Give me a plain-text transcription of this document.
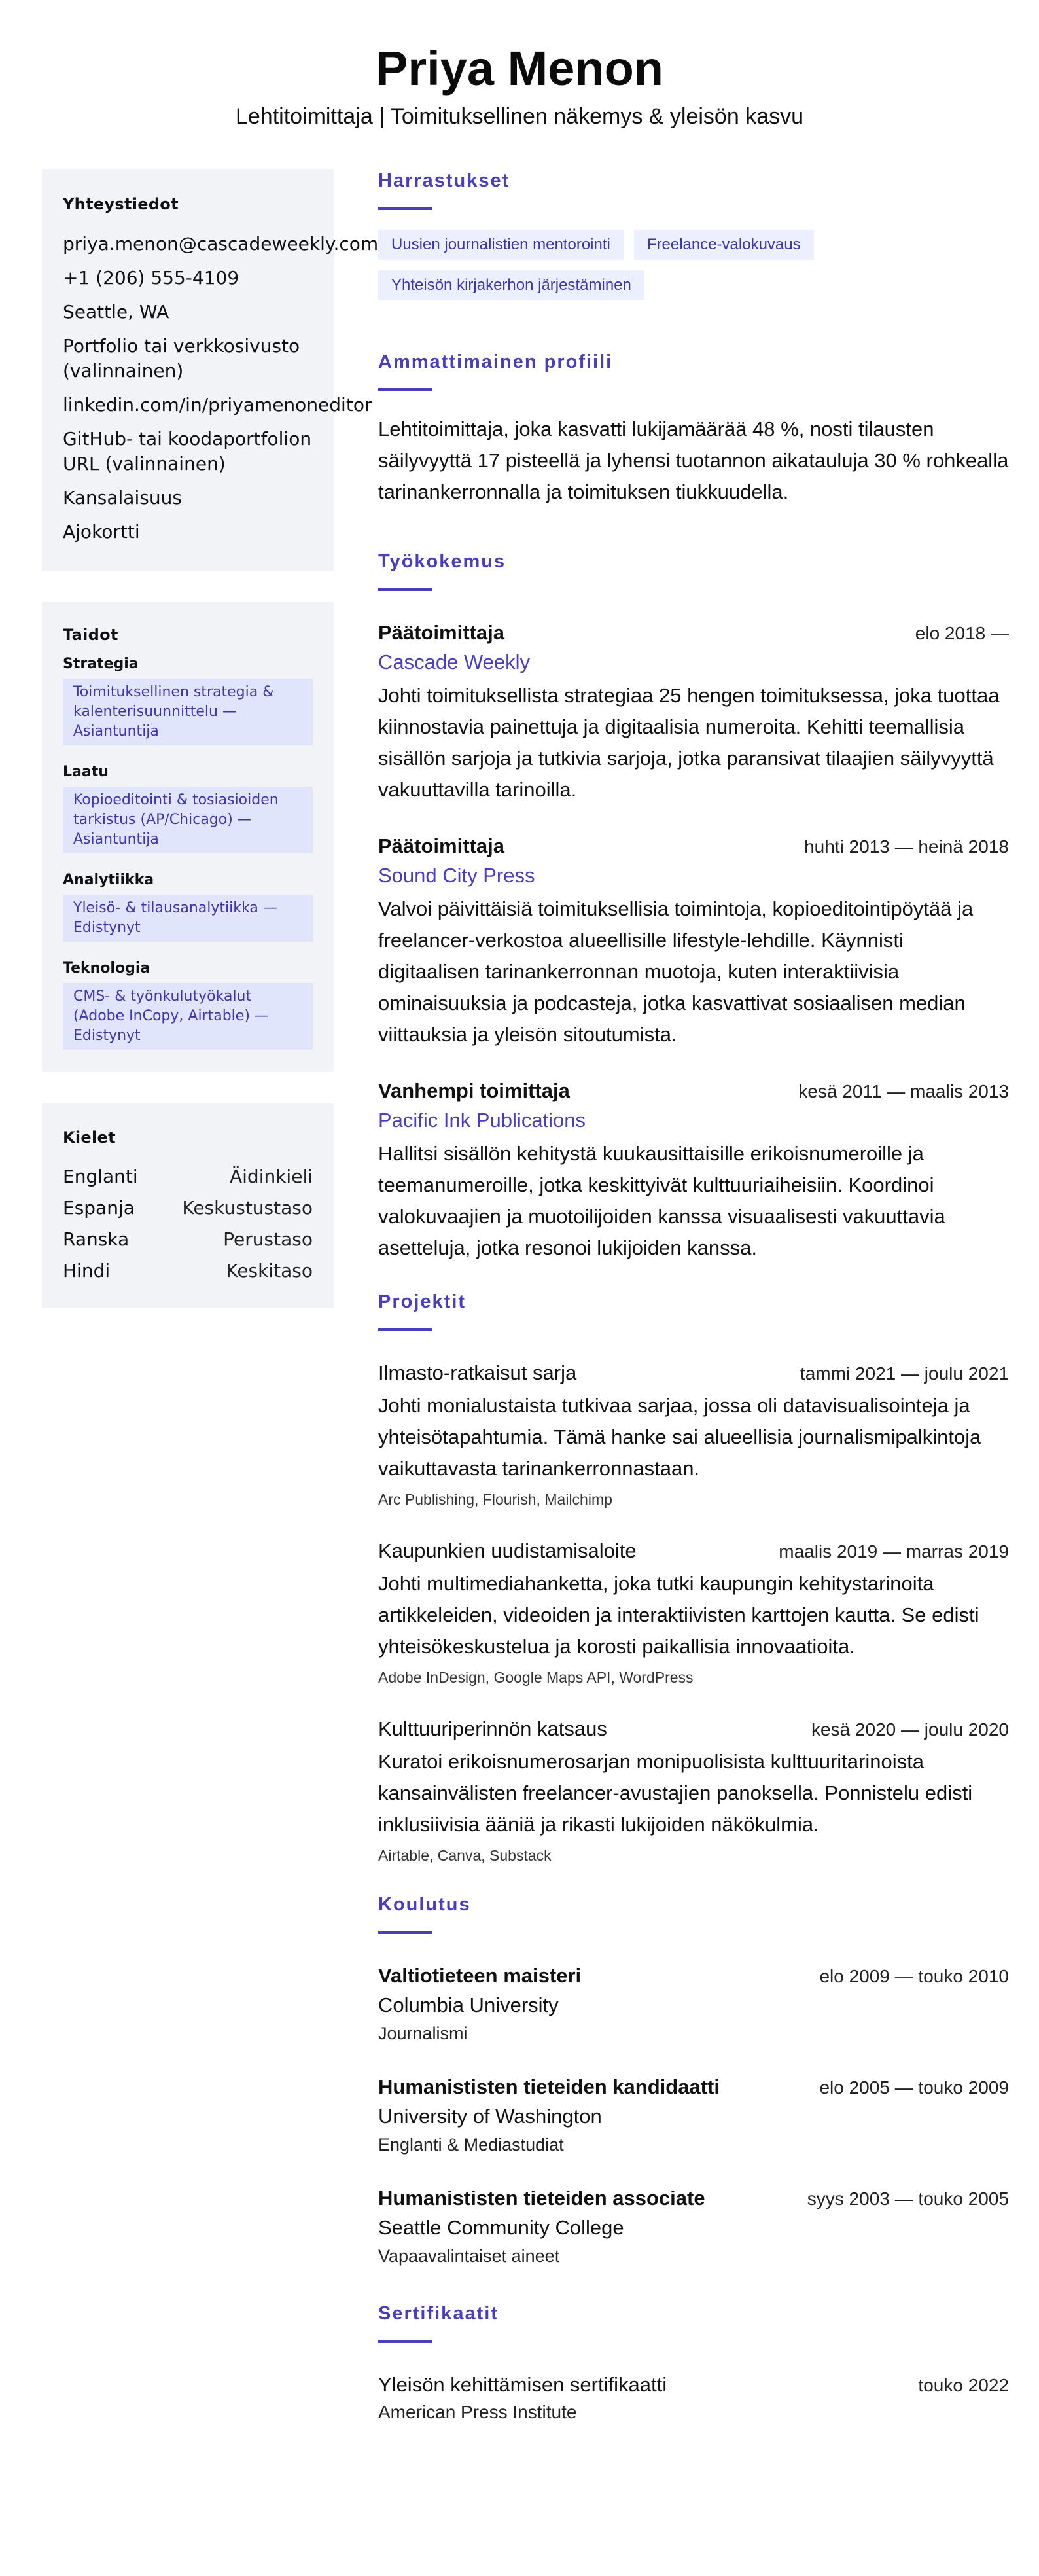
Priya Menon
Lehtitoimittaja | Toimituksellinen näkemys & yleisön kasvu
Yhteystiedot
priya.menon@cascadeweekly.com
+1 (206) 555-4109
Seattle, WA
Portfolio tai verkkosivusto (valinnainen)
linkedin.com/in/priyamenoneditor
GitHub- tai koodaportfolion URL (valinnainen)
Kansalaisuus
Ajokortti
Taidot
Strategia
Toimituksellinen strategia & kalenterisuunnittelu — Asiantuntija
Laatu
Kopioeditointi & tosiasioiden tarkistus (AP/Chicago) — Asiantuntija
Analytiikka
Yleisö- & tilausanalytiikka — Edistynyt
Teknologia
CMS- & työnkulutyökalut (Adobe InCopy, Airtable) — Edistynyt
Kielet
Englanti	Äidinkieli
Espanja	Keskustustaso
Ranska	Perustaso
Hindi	Keskitaso
Harrastukset
Uusien journalistien mentorointi	Freelance-valokuvaus
Yhteisön kirjakerhon järjestäminen
Ammattimainen profiili

Lehtitoimittaja, joka kasvatti lukijamäärää 48 %, nosti tilausten säilyvyyttä 17 pisteellä ja lyhensi tuotannon aikatauluja 30 % rohkealla tarinankerronnalla ja toimituksen tiukkuudella.

Työkokemus
Päätoimittaja	elo 2018 —
Cascade Weekly

Johti toimituksellista strategiaa 25 hengen toimituksessa, joka tuottaa kiinnostavia painettuja ja digitaalisia numeroita. Kehitti teemallisia sisällön sarjoja ja tutkivia sarjoja, jotka paransivat tilaajien säilyvyyttä vakuuttavilla tarinoilla.

Päätoimittaja	huhti 2013 — heinä 2018
Sound City Press

Valvoi päivittäisiä toimituksellisia toimintoja, kopioeditointipöytää ja freelancer-verkostoa alueellisille lifestyle-lehdille. Käynnisti digitaalisen tarinankerronnan muotoja, kuten interaktiivisia ominaisuuksia ja podcasteja, jotka kasvattivat sosiaalisen median viittauksia ja yleisön sitoutumista.

Vanhempi toimittaja	kesä 2011 — maalis 2013
Pacific Ink Publications

Hallitsi sisällön kehitystä kuukausittaisille erikoisnumeroille ja teemanumeroille, jotka keskittyivät kulttuuriaiheisiin. Koordinoi valokuvaajien ja muotoilijoiden kanssa visuaalisesti vakuuttavia asetteluja, jotka resonoi lukijoiden kanssa.

Projektit
Ilmasto-ratkaisut sarja	tammi 2021 — joulu 2021

Johti monialustaista tutkivaa sarjaa, jossa oli datavisualisointeja ja yhteisötapahtumia. Tämä hanke sai alueellisia journalismipalkintoja vaikuttavasta tarinankerronnastaan.

Arc Publishing, Flourish, Mailchimp
Kaupunkien uudistamisaloite	maalis 2019 — marras 2019

Johti multimediahanketta, joka tutki kaupungin kehitystarinoita artikkeleiden, videoiden ja interaktiivisten karttojen kautta. Se edisti yhteisökeskustelua ja korosti paikallisia innovaatioita.

Adobe InDesign, Google Maps API, WordPress
Kulttuuriperinnön katsaus	kesä 2020 — joulu 2020

Kuratoi erikoisnumerosarjan monipuolisista kulttuuritarinoista kansainvälisten freelancer-avustajien panoksella. Ponnistelu edisti inklusiivisia ääniä ja rikasti lukijoiden näkökulmia.

Airtable, Canva, Substack
Koulutus
Valtiotieteen maisteri	elo 2009 — touko 2010
Columbia University
Journalismi
Humanististen tieteiden kandidaatti	elo 2005 — touko 2009
University of Washington
Englanti & Mediastudiat
Humanististen tieteiden associate	syys 2003 — touko 2005
Seattle Community College
Vapaavalintaiset aineet
Sertifikaatit
Yleisön kehittämisen sertifikaatti	touko 2022
American Press Institute
